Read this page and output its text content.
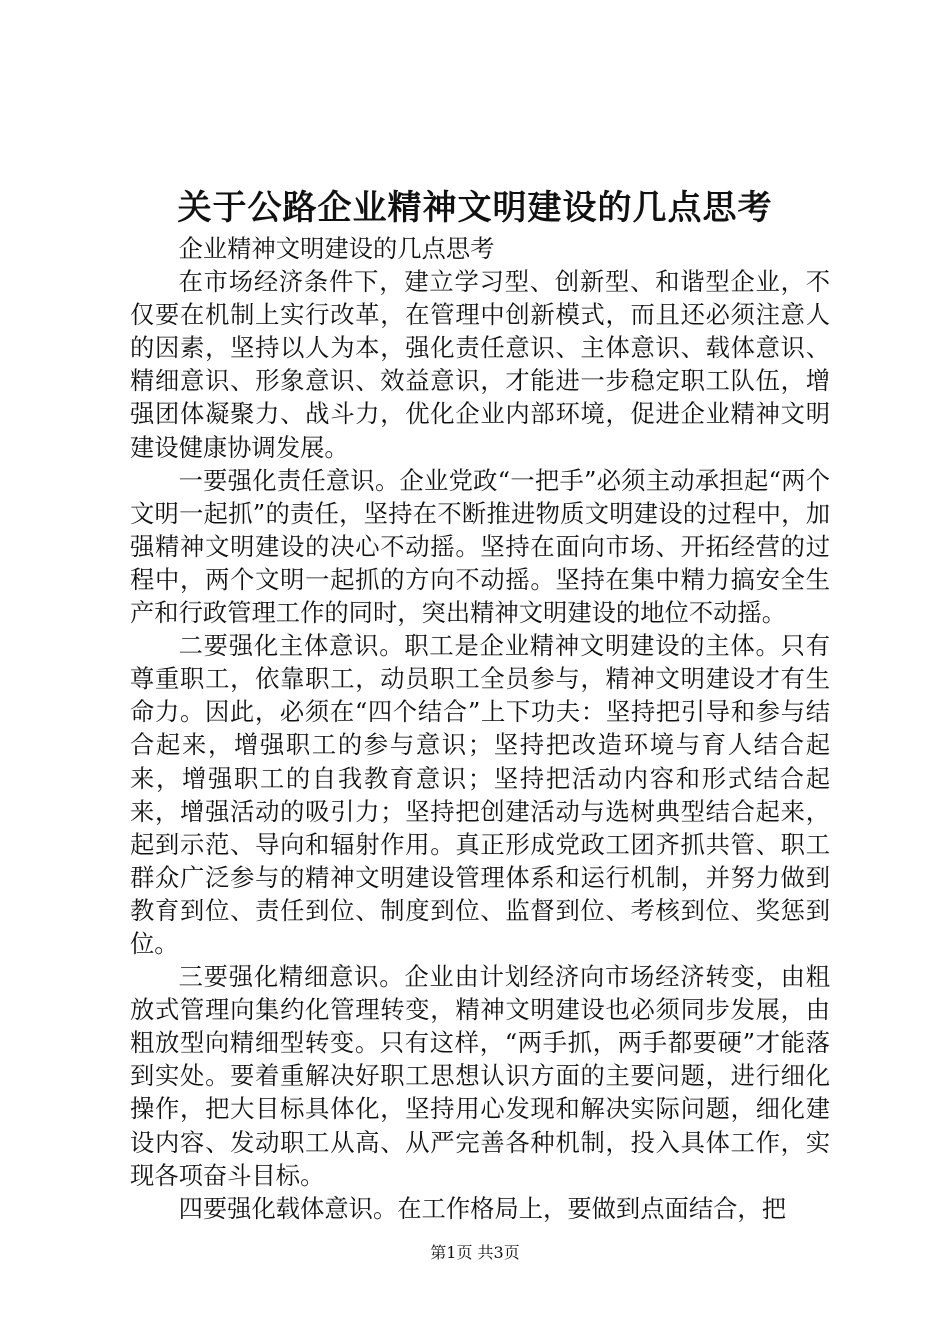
关于公路企业精神文明建设的几点思考

企业精神文明建设的几点思考

在市场经济条件下，建立学习型、创新型、和谐型企业，不仅要在机制上实行改革，在管理中创新模式，而且还必须注意人的因素，坚持以人为本，强化责任意识、主体意识、载体意识、精细意识、形象意识、效益意识，才能进一步稳定职工队伍，增强团体凝聚力、战斗力，优化企业内部环境，促进企业精神文明建设健康协调发展。

一要强化责任意识。企业党政“一把手”必须主动承担起“两个文明一起抓”的责任，坚持在不断推进物质文明建设的过程中，加强精神文明建设的决心不动摇。坚持在面向市场、开拓经营的过程中，两个文明一起抓的方向不动摇。坚持在集中精力搞安全生产和行政管理工作的同时，突出精神文明建设的地位不动摇。

二要强化主体意识。职工是企业精神文明建设的主体。只有尊重职工，依靠职工，动员职工全员参与，精神文明建设才有生命力。因此，必须在“四个结合”上下功夫：坚持把引导和参与结合起来，增强职工的参与意识；坚持把改造环境与育人结合起来，增强职工的自我教育意识；坚持把活动内容和形式结合起来，增强活动的吸引力；坚持把创建活动与选树典型结合起来，起到示范、导向和辐射作用。真正形成党政工团齐抓共管、职工群众广泛参与的精神文明建设管理体系和运行机制，并努力做到教育到位、责任到位、制度到位、监督到位、考核到位、奖惩到位。

三要强化精细意识。企业由计划经济向市场经济转变，由粗放式管理向集约化管理转变，精神文明建设也必须同步发展，由粗放型向精细型转变。只有这样，“两手抓，两手都要硬”才能落到实处。要着重解决好职工思想认识方面的主要问题，进行细化操作，把大目标具体化，坚持用心发现和解决实际问题，细化建设内容、发动职工从高、从严完善各种机制，投入具体工作，实现各项奋斗目标。

四要强化载体意识。在工作格局上，要做到点面结合，把

第1页 共3页
